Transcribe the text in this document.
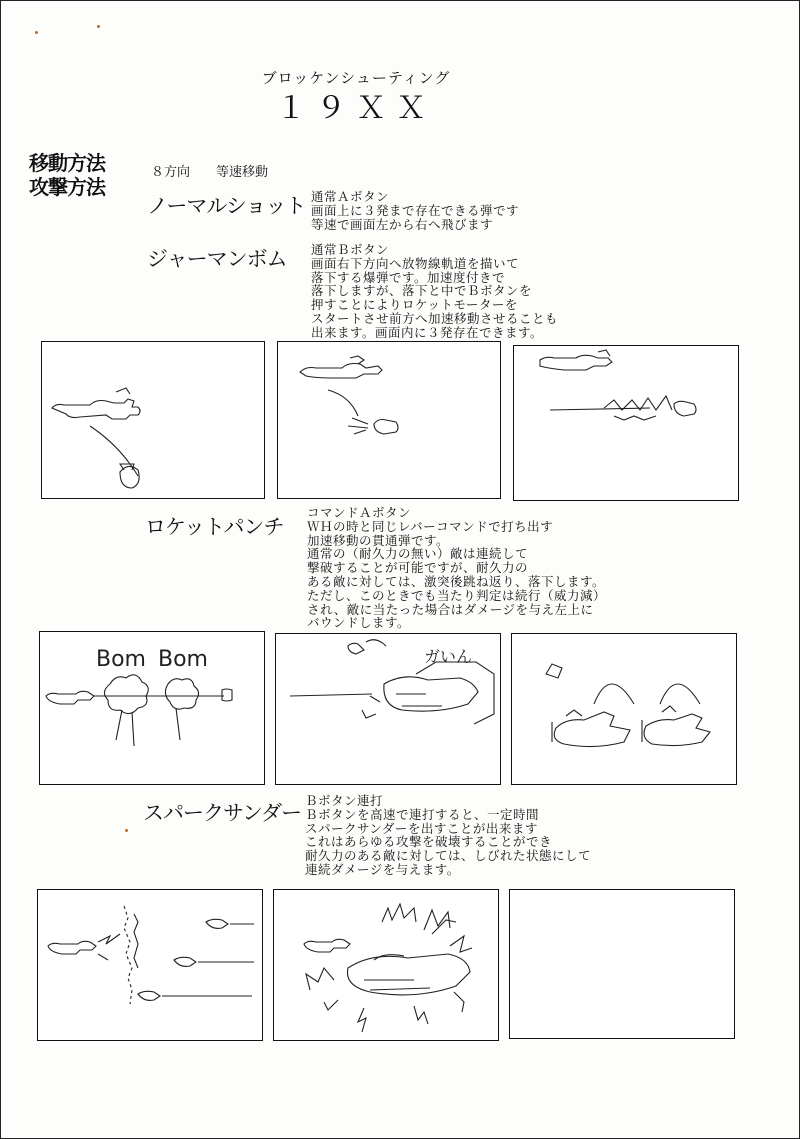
ブロッケンシューティング
１９ＸＸ
移動方法
攻撃方法
８方向　　等速移動
ノーマルショット 通常Ａボタン
画面上に３発まで存在できる弾です
等速で画面左から右へ飛びます
ジャーマンボム 通常Ｂボタン
画面右下方向へ放物線軌道を描いて
落下する爆弾です。加速度付きで
落下しますが、落下と中でＢボタンを
押すことによりロケットモーターを
スタートさせ前方へ加速移動させることも
出来ます。画面内に３発存在できます。
ロケットパンチ
コマンドＡボタン
ＷＨの時と同じレバーコマンドで打ち出す
加速移動の貫通弾です。
通常の（耐久力の無い）敵は連続して
撃破することが可能ですが、耐久力の
ある敵に対しては、激突後跳ね返り、落下します。
ただし、このときでも当たり判定は続行（威力減）
され、敵に当たった場合はダメージを与え左上に
バウンドします。
Bom Bom	ガいん
スパークサンダー
Ｂボタン連打
Ｂボタンを高速で連打すると、一定時間
スパークサンダーを出すことが出来ます
これはあらゆる攻撃を破壊することができ
耐久力のある敵に対しては、しびれた状態にして
連続ダメージを与えます。
